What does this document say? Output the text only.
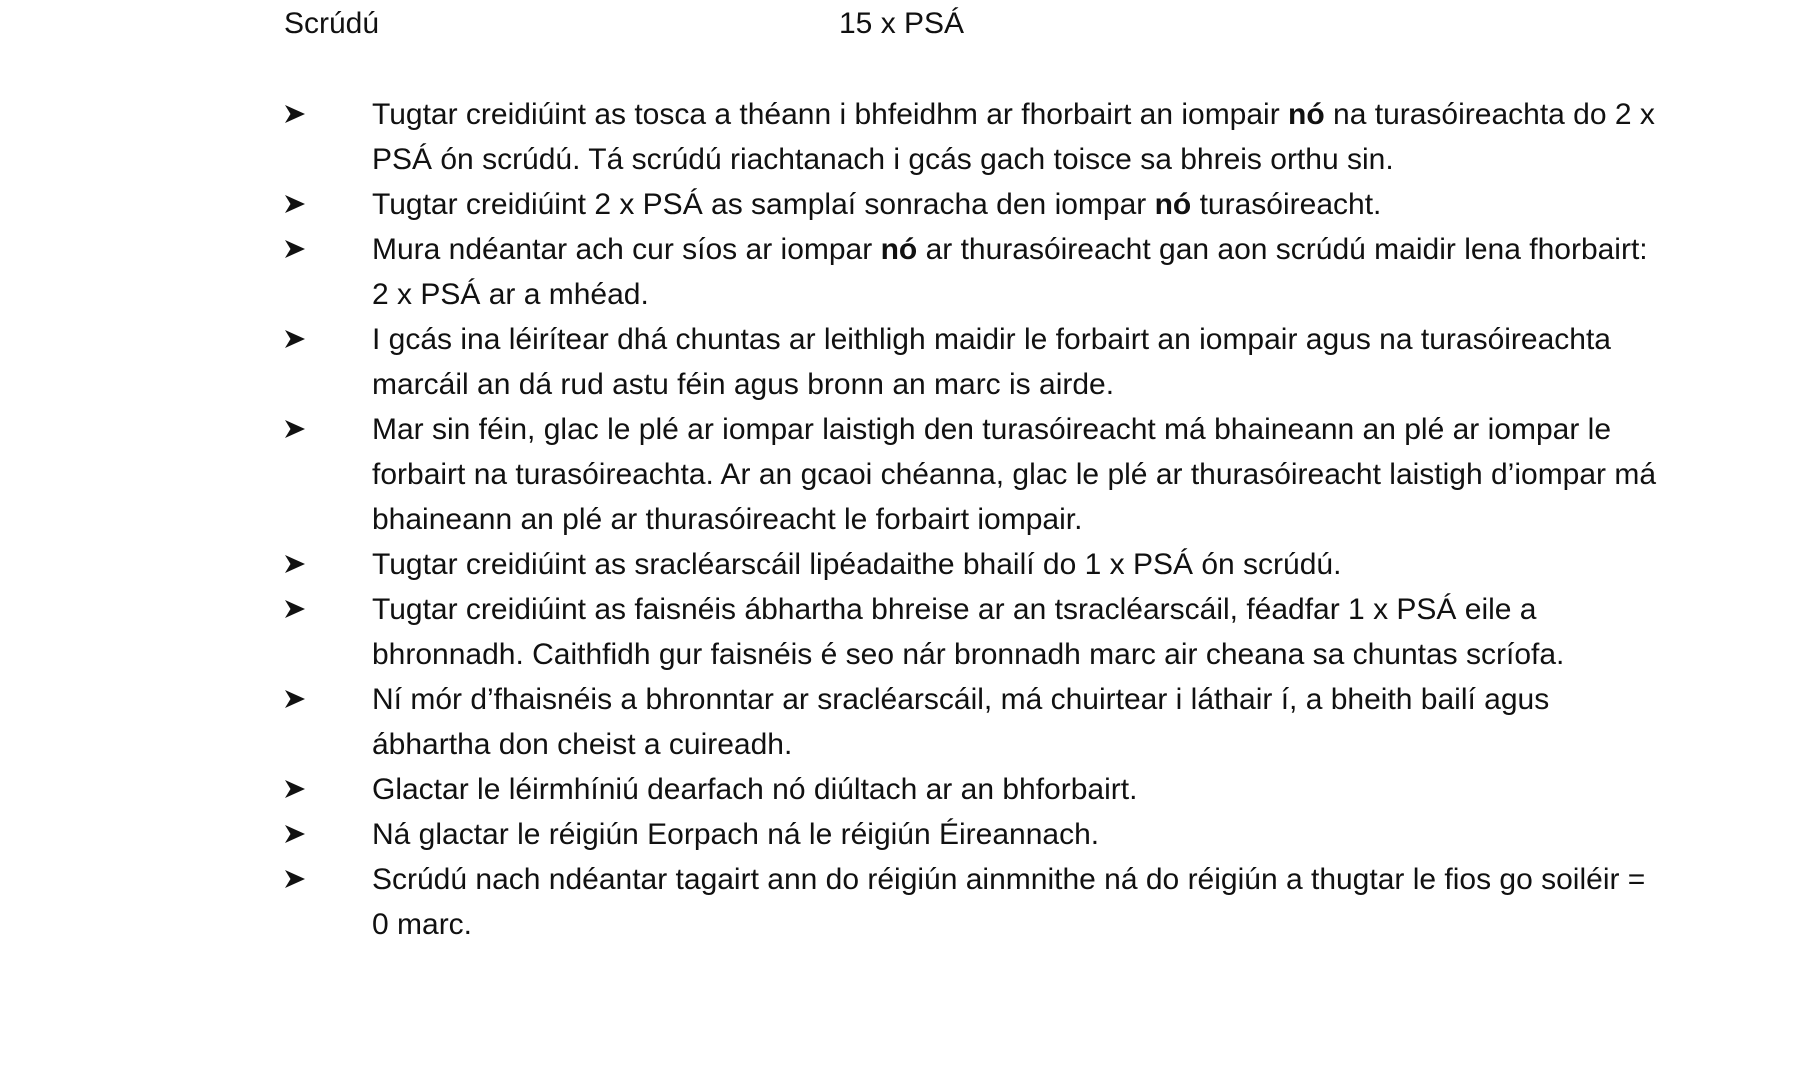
Scrúdú	15 x PSÁ
Tugtar creidiúint as tosca a théann i bhfeidhm ar fhorbairt an iompair nó na turasóireachta do 2 x PSÁ ón scrúdú. Tá scrúdú riachtanach i gcás gach toisce sa bhreis orthu sin.
Tugtar creidiúint 2 x PSÁ as samplaí sonracha den iompar nó turasóireacht.
Mura ndéantar ach cur síos ar iompar nó ar thurasóireacht gan aon scrúdú maidir lena fhorbairt: 2 x PSÁ ar a mhéad.
I gcás ina léirítear dhá chuntas ar leithligh maidir le forbairt an iompair agus na turasóireachta marcáil an dá rud astu féin agus bronn an marc is airde.
Mar sin féin, glac le plé ar iompar laistigh den turasóireacht má bhaineann an plé ar iompar le forbairt na turasóireachta. Ar an gcaoi chéanna, glac le plé ar thurasóireacht laistigh d’iompar má bhaineann an plé ar thurasóireacht le forbairt iompair.
Tugtar creidiúint as sracléarscáil lipéadaithe bhailí do 1 x PSÁ ón scrúdú.
Tugtar creidiúint as faisnéis ábhartha bhreise ar an tsracléarscáil, féadfar 1 x PSÁ eile a bhronnadh. Caithfidh gur faisnéis é seo nár bronnadh marc air cheana sa chuntas scríofa.
Ní mór d’fhaisnéis a bhronntar ar sracléarscáil, má chuirtear i láthair í, a bheith bailí agus ábhartha don cheist a cuireadh.
Glactar le léirmhíniú dearfach nó diúltach ar an bhforbairt.
Ná glactar le réigiún Eorpach ná le réigiún Éireannach.
Scrúdú nach ndéantar tagairt ann do réigiún ainmnithe ná do réigiún a thugtar le fios go soiléir = 0 marc.
